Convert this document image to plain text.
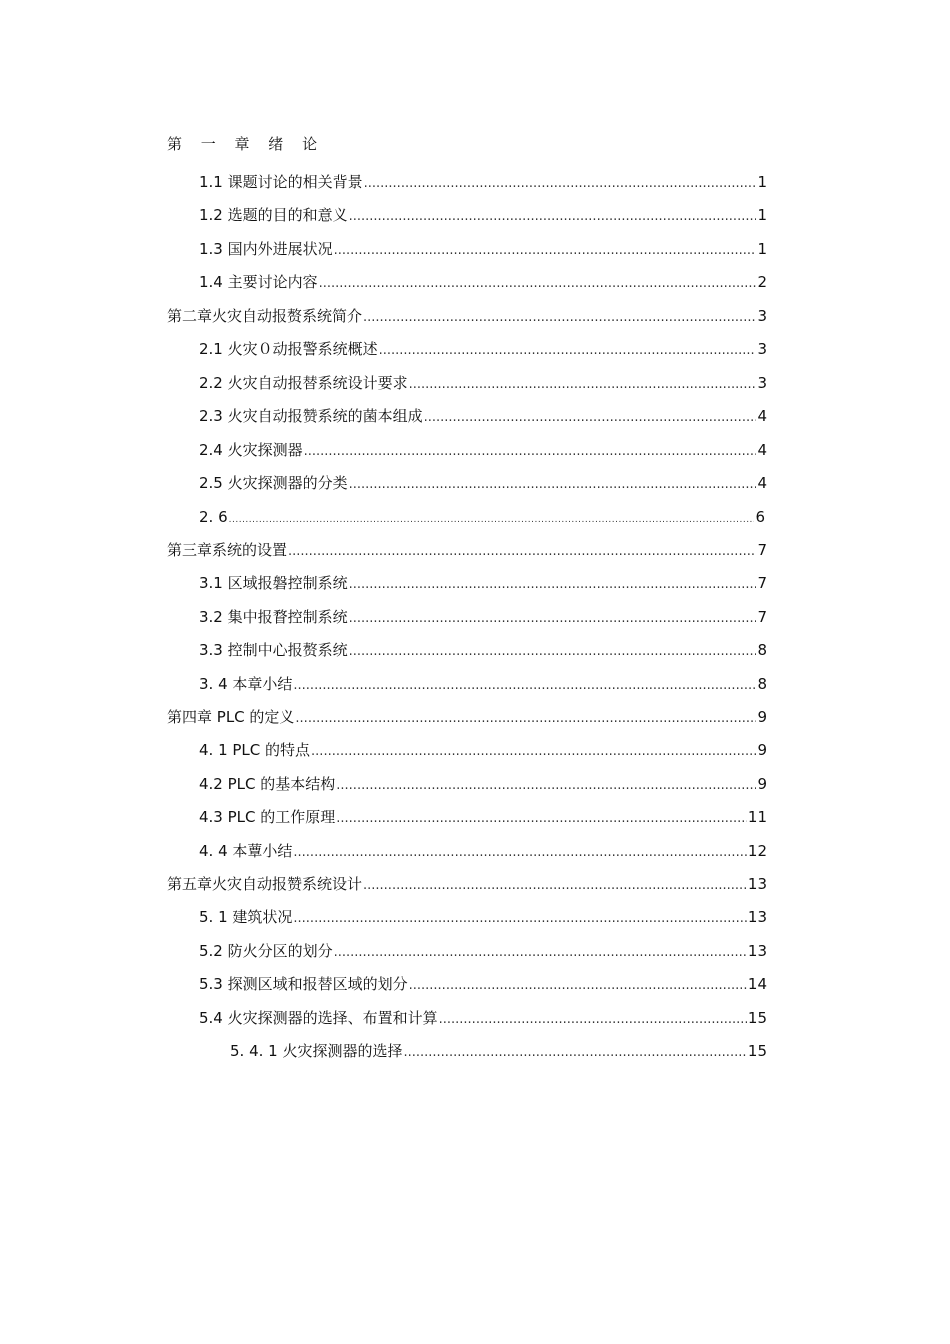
第 一 章 绪 论
1.1 课题讨论的相关背景 .....	1
1.2 选题的目的和意义 .....	1
1.3 国内外进展状况 .....	1
1.4 主要讨论内容 .....	2
第二章火灾自动报赘系统简介 .....	3
2.1 火灾０动报警系统概述 .....	3
2.2 火灾自动报替系统设计要求 .....	3
2.3 火灾自动报赞系统的菌本组成 .....	4
2.4 火灾探测器 .....	4
2.5 火灾探测器的分类 .....	4
2. 6 .....	6
第三章系统的设置 .....	7
3.1 区域报磐控制系统 .....	7
3.2 集中报瞀控制系统 .....	7
3.3 控制中心报赘系统 .....	8
3. 4 本章小结 .....	8
第四章 PLC 的定义 .....	9
4. 1 PLC 的特点 .....	9
4.2 PLC 的基本结构 .....	9
4.3 PLC 的工作原理 .....	11
4. 4 本蕈小结 .....	12
第五章火灾自动报赞系统设计 .....	13
5. 1 建筑状况 .....	13
5.2 防火分区的划分 .....	13
5.3 探测区域和报替区域的划分 .....	14
5.4 火灾探测器的选择、布置和计算 .....	15
5. 4. 1 火灾探测器的选择 .....	15
